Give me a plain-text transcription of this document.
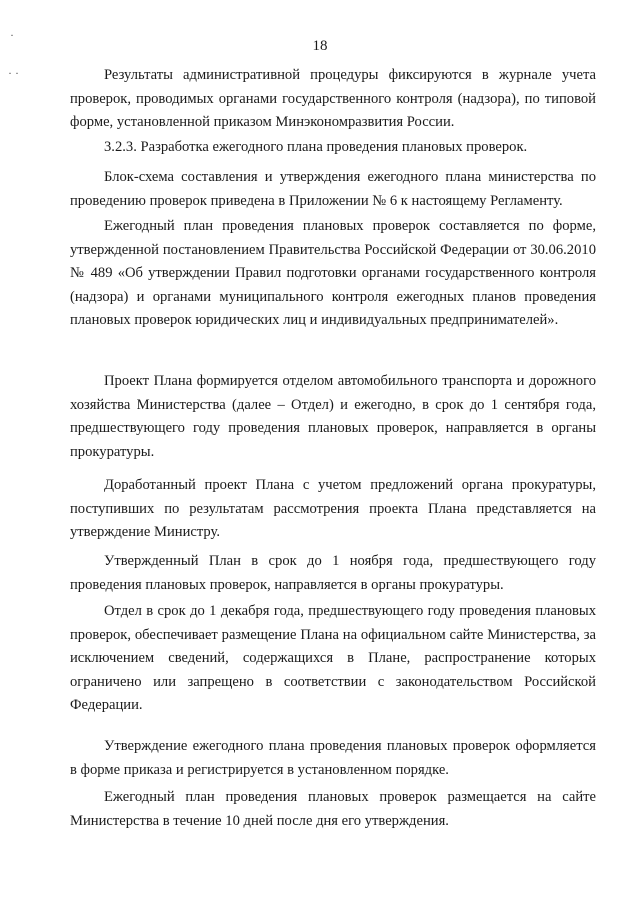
·
· ·
18

Результаты административной процедуры фиксируются в журнале учета проверок, проводимых органами государственного контроля (надзора), по типовой форме, установленной приказом Минэкономразвития России.

3.2.3. Разработка ежегодного плана проведения плановых проверок.

Блок-схема составления и утверждения ежегодного плана министерства по проведению проверок приведена в Приложении № 6 к настоящему Регламенту.

Ежегодный план проведения плановых проверок составляется по форме, утвержденной постановлением Правительства Российской Федерации от 30.06.2010 № 489 «Об утверждении Правил подготовки органами государственного контроля (надзора) и органами муниципального контроля ежегодных планов проведения плановых проверок юридических лиц и индивидуальных предпринимателей».

Проект Плана формируется отделом автомобильного транспорта и дорожного хозяйства Министерства (далее – Отдел) и ежегодно, в срок до 1 сентября года, предшествующего году проведения плановых проверок, направляется в органы прокуратуры.

Доработанный проект Плана с учетом предложений органа прокуратуры, поступивших по результатам рассмотрения проекта Плана представляется на утверждение Министру.

Утвержденный План в срок до 1 ноября года, предшествующего году проведения плановых проверок, направляется в органы прокуратуры.

Отдел в срок до 1 декабря года, предшествующего году проведения плановых проверок, обеспечивает размещение Плана на официальном сайте Министерства, за исключением сведений, содержащихся в Плане, распространение которых ограничено или запрещено в соответствии с законодательством Российской Федерации.

Утверждение ежегодного плана проведения плановых проверок оформляется в форме приказа и регистрируется в установленном порядке.

Ежегодный план проведения плановых проверок размещается на сайте Министерства в течение 10 дней после дня его утверждения.
